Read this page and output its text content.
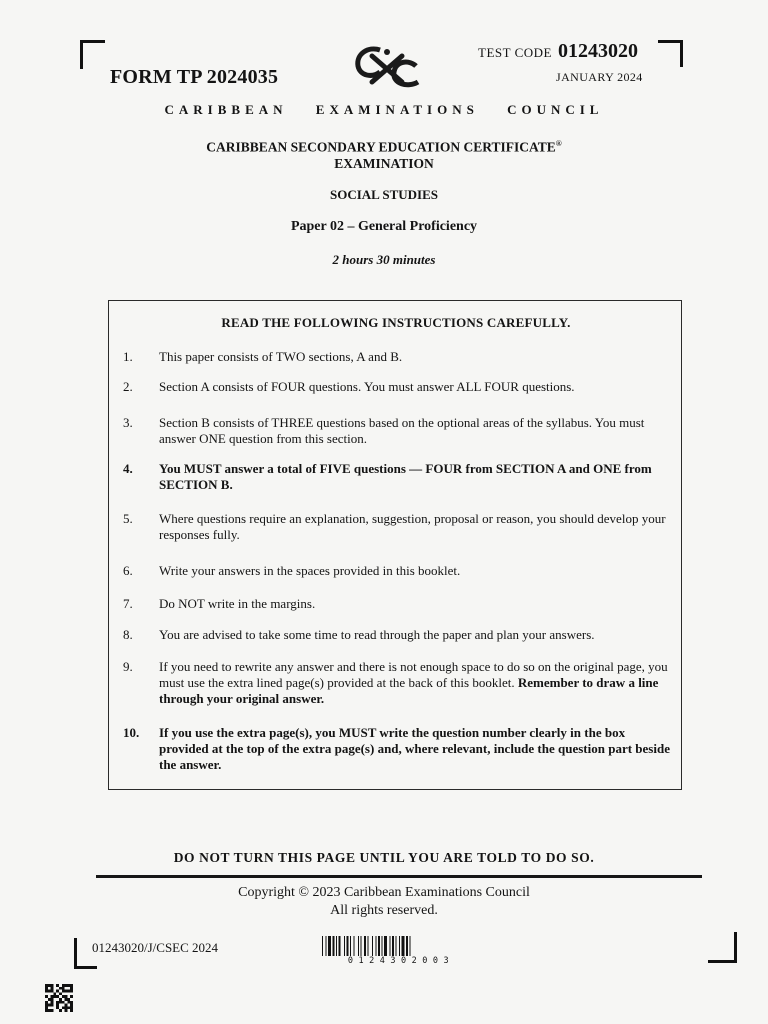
FORM TP 2024035
TEST CODE 01243020
JANUARY 2024
CARIBBEAN EXAMINATIONS COUNCIL
CARIBBEAN SECONDARY EDUCATION CERTIFICATE®
EXAMINATION
SOCIAL STUDIES
Paper 02 – General Proficiency
2 hours 30 minutes
READ THE FOLLOWING INSTRUCTIONS CAREFULLY.
1.	This paper consists of TWO sections, A and B.
2.	Section A consists of FOUR questions. You must answer ALL FOUR questions.
3.	Section B consists of THREE questions based on the optional areas of the syllabus. You must answer ONE question from this section.
4.	You MUST answer a total of FIVE questions — FOUR from SECTION A and ONE from SECTION B.
5.	Where questions require an explanation, suggestion, proposal or reason, you should develop your responses fully.
6.	Write your answers in the spaces provided in this booklet.
7.	Do NOT write in the margins.
8.	You are advised to take some time to read through the paper and plan your answers.
9.	If you need to rewrite any answer and there is not enough space to do so on the original page, you must use the extra lined page(s) provided at the back of this booklet. Remember to draw a line through your original answer.
10.	If you use the extra page(s), you MUST write the question number clearly in the box provided at the top of the extra page(s) and, where relevant, include the question part beside the answer.
DO NOT TURN THIS PAGE UNTIL YOU ARE TOLD TO DO SO.
Copyright © 2023 Caribbean Examinations Council
All rights reserved.
01243020/J/CSEC 2024
0124302003
